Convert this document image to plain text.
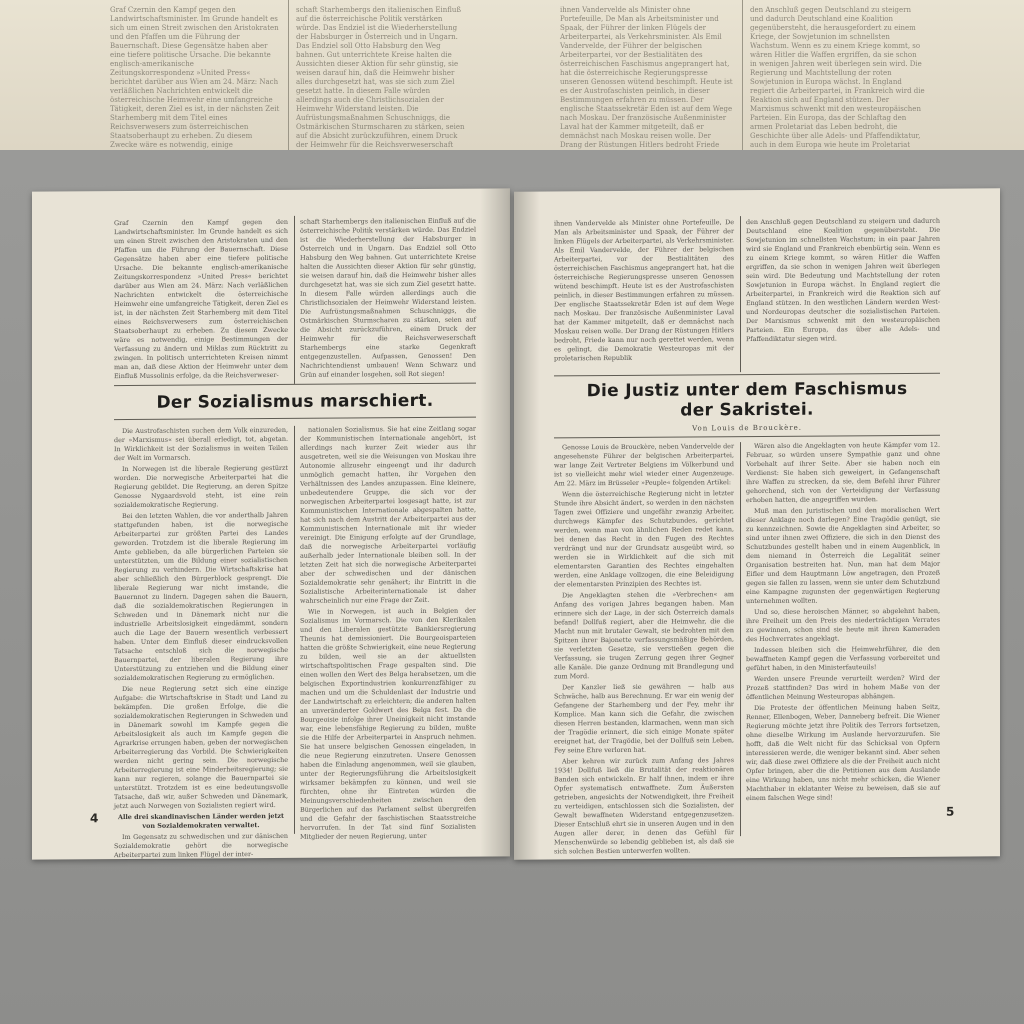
Graf Czernin den Kampf gegen den Landwirtschaftsminister. Im Grunde handelt es sich um einen Streit zwischen den Aristokraten und den Pfaffen um die Führung der Bauernschaft. Diese Gegensätze haben aber eine tiefere politische Ursache. Die bekannte englisch-amerikanische Zeitungskorrespondenz »United Press« berichtet darüber aus Wien am 24. März: Nach verläßlichen Nachrichten entwickelt die österreichische Heimwehr eine umfangreiche Tätigkeit, deren Ziel es ist, in der nächsten Zeit Starhemberg mit dem Titel eines Reichsverwesers zum österreichischen Staatsoberhaupt zu erheben. Zu diesem Zwecke wäre es notwendig, einige
schaft Starhembergs den italienischen Einfluß auf die österreichische Politik verstärken würde. Das Endziel ist die Wiederherstellung der Habsburger in Österreich und in Ungarn. Das Endziel soll Otto Habsburg den Weg bahnen. Gut unterrichtete Kreise halten die Aussichten dieser Aktion für sehr günstig, sie weisen darauf hin, daß die Heimwehr bisher alles durchgesetzt hat, was sie sich zum Ziel gesetzt hatte. In diesem Falle würden allerdings auch die Christlichsozialen der Heimwehr Widerstand leisten. Die Aufrüstungsmaßnahmen Schuschniggs, die Ostmärkischen Sturmscharen zu stärken, seien auf die Absicht zurückzuführen, einem Druck der Heimwehr für die Reichsverweserschaft
ihnen Vandervelde als Minister ohne Portefeuille, De Man als Arbeitsminister und Spaak, der Führer der linken Flügels der Arbeiterpartei, als Verkehrsminister. Als Emil Vandervelde, der Führer der belgischen Arbeiterpartei, vor der Bestialitäten des österreichischen Faschismus angeprangert hat, hat die österreichische Regierungspresse unseren Genossen wütend beschimpft. Heute ist es der Austrofaschisten peinlich, in dieser Bestimmungen erfahren zu müssen. Der englische Staatssekretär Eden ist auf dem Wege nach Moskau. Der französische Außenminister Laval hat der Kammer mitgeteilt, daß er demnächst nach Moskau reisen wolle. Der Drang der Rüstungen Hitlers bedroht Friede
den Anschluß gegen Deutschland zu steigern und dadurch Deutschland eine Koalition gegenübersteht, die herausgefordert zu einem Kriege, der Sowjetunion im schnellsten Wachstum. Wenn es zu einem Kriege kommt, so wären Hitler die Waffen ergriffen, da sie schon in wenigen Jahren weit überlegen sein wird. Die Regierung und Machtstellung der roten Sowjetunion in Europa wächst. In England regiert die Arbeiterpartei, in Frankreich wird die Reaktion sich auf England stützen. Der Marxismus schwenkt mit den westeuropäischen Parteien. Ein Europa, das der Schlaftag den armen Proletariat das Leben bedroht, die Geschichte über alle Adels- und Pfaffendiktatur, auch in dem Europa wie heute im Proletariat
Graf Czernin den Kampf gegen den Landwirtschaftsminister. Im Grunde handelt es sich um einen Streit zwischen den Aristokraten und den Pfaffen um die Führung der Bauernschaft. Diese Gegensätze haben aber eine tiefere politische Ursache. Die bekannte englisch-amerikanische Zeitungskorrespondenz »United Press« berichtet darüber aus Wien am 24. März: Nach verläßlichen Nachrichten entwickelt die österreichische Heimwehr eine umfangreiche Tätigkeit, deren Ziel es ist, in der nächsten Zeit Starhemberg mit dem Titel eines Reichsverwesers zum österreichischen Staatsoberhaupt zu erheben. Zu diesem Zwecke wäre es notwendig, einige Bestimmungen der Verfassung zu ändern und Miklas zum Rücktritt zu zwingen. In politisch unterrichteten Kreisen nimmt man an, daß diese Aktion der Heimwehr unter dem Einfluß Mussolinis erfolge, da die Reichsverweser-
schaft Starhembergs den italienischen Einfluß auf die österreichische Politik verstärken würde. Das Endziel ist die Wiederherstellung der Habsburger in Österreich und in Ungarn. Das Endziel soll Otto Habsburg den Weg bahnen. Gut unterrichtete Kreise halten die Aussichten dieser Aktion für sehr günstig, sie weisen darauf hin, daß die Heimwehr bisher alles durchgesetzt hat, was sie sich zum Ziel gesetzt hatte. In diesem Falle würden allerdings auch die Christlichsozialen der Heimwehr Widerstand leisten. Die Aufrüstungsmaßnahmen Schuschniggs, die Ostmärkischen Sturmscharen zu stärken, seien auf die Absicht zurückzuführen, einem Druck der Heimwehr für die Reichsverweserschaft Starhembergs eine starke Gegenkraft entgegenzustellen. Aufpassen, Genossen! Den Nachrichtendienst umbauen! Wenn Schwarz und Grün auf einander losgehen, soll Rot siegen!
Der Sozialismus marschiert.

Die Austrofaschisten suchen dem Volk einzureden, der »Marxismus« sei überall erledigt, tot, abgetan. In Wirklichkeit ist der Sozialismus in weiten Teilen der Welt im Vormarsch.

In Norwegen ist die liberale Regierung gestürzt worden. Die norwegische Arbeiterpartei hat die Regierung gebildet. Die Regierung, an deren Spitze Genosse Nygaardsvold steht, ist eine rein sozialdemokratische Regierung.

Bei den letzten Wahlen, die vor anderthalb Jahren stattgefunden haben, ist die norwegische Arbeiterpartei zur größten Partei des Landes geworden. Trotzdem ist die liberale Regierung im Amte geblieben, da alle bürgerlichen Parteien sie unterstützten, um die Bildung einer sozialistischen Regierung zu verhindern. Die Wirtschaftskrise hat aber schließlich den Bürgerblock gesprengt. Die liberale Regierung war nicht imstande, die Bauernnot zu lindern. Dagegen sahen die Bauern, daß die sozialdemokratischen Regierungen in Schweden und in Dänemark nicht nur die industrielle Arbeitslosigkeit eingedämmt, sondern auch die Lage der Bauern wesentlich verbessert haben. Unter dem Einfluß dieser eindrucksvollen Tatsache entschloß sich die norwegische Bauernpartei, der liberalen Regierung ihre Unterstützung zu entziehen und die Bildung einer sozialdemokratischen Regierung zu ermöglichen.

Die neue Regierung setzt sich eine einzige Aufgabe: die Wirtschaftskrise in Stadt und Land zu bekämpfen. Die großen Erfolge, die die sozialdemokratischen Regierungen in Schweden und in Dänemark sowohl im Kampfe gegen die Arbeitslosigkeit als auch im Kampfe gegen die Agrarkrise errungen haben, geben der norwegischen Arbeiterregierung das Vorbild. Die Schwierigkeiten werden nicht gering sein. Die norwegische Arbeiterregierung ist eine Minderheitsregierung; sie kann nur regieren, solange die Bauernpartei sie unterstützt. Trotzdem ist es eine bedeutungsvolle Tatsache, daß wir, außer Schweden und Dänemark, jetzt auch Norwegen von Sozialisten regiert wird.

Alle drei skandinavischen Länder werden jetzt von Sozialdemokraten verwaltet.

Im Gegensatz zu schwedischen und zur dänischen Sozialdemokratie gehört die norwegische Arbeiterpartei zum linken Flügel der inter-

nationalen Sozialismus. Sie hat eine Zeitlang sogar der Kommunistischen Internationale angehört, ist allerdings nach kurzer Zeit wieder aus ihr ausgetreten, weil sie die Weisungen von Moskau ihre Autonomie allzusehr eingeengt und ihr dadurch unmöglich gemacht hatten, ihr Vorgehen den Verhältnissen des Landes anzupassen. Eine kleinere, unbedeutendere Gruppe, die sich vor der norwegischen Arbeiterpartei losgesagt hatte, ist zur Kommunistischen Internationale abgespalten hatte, hat sich nach dem Austritt der Arbeiterpartei aus der Kommunistischen Internationale mit ihr wieder vereinigt. Die Einigung erfolgte auf der Grundlage, daß die norwegische Arbeiterpartei vorläufig außerhalb jeder Internationale bleiben soll. In der letzten Zeit hat sich die norwegische Arbeiterpartei aber der schwedischen und der dänischen Sozialdemokratie sehr genähert; ihr Eintritt in die Sozialistische Arbeiterinternationale ist daher wahrscheinlich nur eine Frage der Zeit.

Wie in Norwegen, ist auch in Belgien der Sozialismus im Vormarsch. Die von den Klerikalen und den Liberalen gestützte Bankiersregierung Theunis hat demissioniert. Die Bourgeoisparteien hatten die größte Schwierigkeit, eine neue Regierung zu bilden, weil sie an der aktuellsten wirtschaftspolitischen Frage gespalten sind. Die einen wollen den Wert des Belga herabsetzen, um die belgischen Exportindustrien konkurrenzfähiger zu machen und um die Schuldenlast der Industrie und der Landwirtschaft zu erleichtern; die anderen halten an unveränderter Goldwert des Belga fest. Da die Bourgeoisie infolge ihrer Uneinigkeit nicht imstande war, eine lebensfähige Regierung zu bilden, mußte sie die Hilfe der Arbeiterpartei in Anspruch nehmen. Sie hat unsere belgischen Genossen eingeladen, in die neue Regierung einzutreten. Unsere Genossen haben die Einladung angenommen, weil sie glauben, unter der Regierungsführung die Arbeitslosigkeit wirksamer bekämpfen zu können, und weil sie fürchten, ohne ihr Eintreten würden die Meinungsverschiedenheiten zwischen den Bürgerlichen auf das Parlament selbst übergreifen und die Gefahr der faschistischen Staatsstreiche hervorrufen. In der Tat sind fünf Sozialisten Mitglieder der neuen Regierung, unter

4
ihnen Vandervelde als Minister ohne Portefeuille, De Man als Arbeitsminister und Spaak, der Führer der linken Flügels der Arbeiterpartei, als Verkehrsminister. Als Emil Vandervelde, der Führer der belgischen Arbeiterpartei, vor der Bestialitäten des österreichischen Faschismus angeprangert hat, hat die österreichische Regierungspresse unseren Genossen wütend beschimpft. Heute ist es der Austrofaschisten peinlich, in dieser Bestimmungen erfahren zu müssen. Der englische Staatssekretär Eden ist auf dem Wege nach Moskau. Der französische Außenminister Laval hat der Kammer mitgeteilt, daß er demnächst nach Moskau reisen wolle. Der Drang der Rüstungen Hitlers bedroht, Friede kann nur noch gerettet werden, wenn es gelingt, die Demokratie Westeuropas mit der proletarischen Republik
den Anschluß gegen Deutschland zu steigern und dadurch Deutschland eine Koalition gegenübersteht. Die Sowjetunion im schnellsten Wachstum; in ein paar Jahren wird sie England und Frankreich ebenbürtig sein. Wenn es zu einem Kriege kommt, so wären Hitler die Waffen ergriffen, da sie schon in wenigen Jahren weit überlegen sein wird. Die Bedeutung und Machtstellung der roten Sowjetunion in Europa wächst. In England regiert die Arbeiterpartei, in Frankreich wird die Reaktion sich auf England stützen. In den westlichen Ländern werden West- und Nordeuropas deutscher die sozialistischen Parteien. Der Marxismus schwenkt mit den westeuropäischen Parteien. Ein Europa, das über alle Adels- und Pfaffendiktatur siegen wird.
Die Justiz unter dem Faschismus
der Sakristei.
Von Louis de Brouckère.

Genosse Louis de Brouckère, neben Vandervelde der angesehenste Führer der belgischen Arbeiterpartei, war lange Zeit Vertreter Belgiens im Völkerbund und ist so vielleicht mehr wiel wieder einer Augenzeuge. Am 22. März im Brüsseler »Peuple« folgenden Artikel:

Wenn die österreichische Regierung nicht in letzter Stunde ihre Absicht ändert, so werden in den nächsten Tagen zwei Offiziere und ungefähr zwanzig Arbeiter, durchwegs Kämpfer des Schutzbundes, gerichtet werden, wenn man von ähnlichen Reden redet kann, bei denen das Recht in den Fugen des Rechtes verdrängt und nur der Grundsatz ausgeübt wird, so werden sie in Wirklichkeit auf die sich mit elementarsten Garantien des Rechtes eingehalten werden, eine Anklage vollzogen, die eine Beleidigung der elementarsten Prinzipien des Rechtes ist.

Die Angeklagten stehen die »Verbrechen« am Anfang des vorigen Jahres begangen haben. Man erinnere sich der Lage, in der sich Österreich damals befand! Dollfuß regiert, aber die Heimwehr, die die Macht nun mit brutaler Gewalt, sie bedrohten mit den Spitzen ihrer Bajonette verfassungsmäßige Behörden, sie verletzten Gesetze, sie verstießen gegen die Verfassung, sie trugen Zerrung gegen ihrer Gegner alle Kanäle. Die ganze Ordnung mit Brandlegung und zum Mord.

Der Kanzler ließ sie gewähren — halb aus Schwäche, halb aus Berechnung. Er war ein wenig der Gefangene der Starhemberg und der Fey, mehr ihr Komplice. Man kann sich die Gefahr, die zwischen diesen Herren bestanden, klarmachen, wenn man sich der Tragödie erinnert, die sich einige Monate später ereignet hat, der Tragödie, bei der Dollfuß sein Leben, Fey seine Ehre verloren hat.

Aber kehren wir zurück zum Anfang des Jahres 1934! Dollfuß ließ die Brutalität der reaktionären Banden sich entwickeln. Er half ihnen, indem er ihre Opfer systematisch entwaffnete. Zum Äußersten getrieben, angesichts der Notwendigkeit, ihre Freiheit zu verteidigen, entschlossen sich die Sozialisten, der Gewalt bewaffneten Widerstand entgegenzusetzen. Dieser Entschluß ehrt sie in unseren Augen und in den Augen aller derer, in denen das Gefühl für Menschenwürde so lebendig geblieben ist, als daß sie sich solchen Bestien unterwerfen wollten.

Wären also die Angeklagten von heute Kämpfer vom 12. Februar, so würden unsere Sympathie ganz und ohne Vorbehalt auf ihrer Seite. Aber sie haben noch ein Verdienst: Sie haben sich geweigert, in Gefangenschaft ihre Waffen zu strecken, da sie, dem Befehl ihrer Führer gehorchend, sich von der Verteidigung der Verfassung erhoben hatten, die angegriffen wurden.

Muß man den juristischen und den moralischen Wert dieser Anklage noch darlegen? Eine Tragödie genügt, sie zu kennzeichnen. Sowie die Angeklagten sind Arbeiter, so sind unter ihnen zwei Offiziere, die sich in den Dienst des Schutzbundes gestellt haben und in einem Augenblick, in dem niemand in Österreich die Legalität seiner Organisation bestreiten hat. Nun, man hat dem Major Eifler und dem Hauptmann Löw angetragen, den Prozeß gegen sie fallen zu lassen, wenn sie unter dem Schutzbund eine Kampagne zugunsten der gegenwärtigen Regierung unternehmen wollten.

Und so, diese heroischen Männer, so abgelehnt haben, ihre Freiheit um den Preis des niederträchtigen Verrates zu gewinnen, schon sind sie heute mit ihren Kameraden des Hochverrates angeklagt.

Indessen bleiben sich die Heimwehrführer, die den bewaffneten Kampf gegen die Verfassung vorbereitet und geführt haben, in den Ministerfauteuils!

Werden unsere Freunde verurteilt werden? Wird der Prozeß stattfinden? Das wird in hohem Maße von der öffentlichen Meinung Westeuropas abhängen.

Die Proteste der öffentlichen Meinung haben Seitz, Renner, Ellenbogen, Weber, Danneberg befreit. Die Wiener Regierung möchte jetzt ihre Politik des Terrors fortsetzen, ohne dieselbe Wirkung im Auslande hervorzurufen. Sie hofft, daß die Welt nicht für das Schicksal von Opfern interessieren werde, die weniger bekannt sind. Aber sehen wir, daß diese zwei Offiziere als die der Freiheit auch nicht Opfer bringen, aber die die Petitionen aus dem Auslande eine Wirkung haben, uns nicht mehr schicken, die Wiener Machthaber in eklatanter Weise zu beweisen, daß sie auf einem falschen Wege sind!

5
